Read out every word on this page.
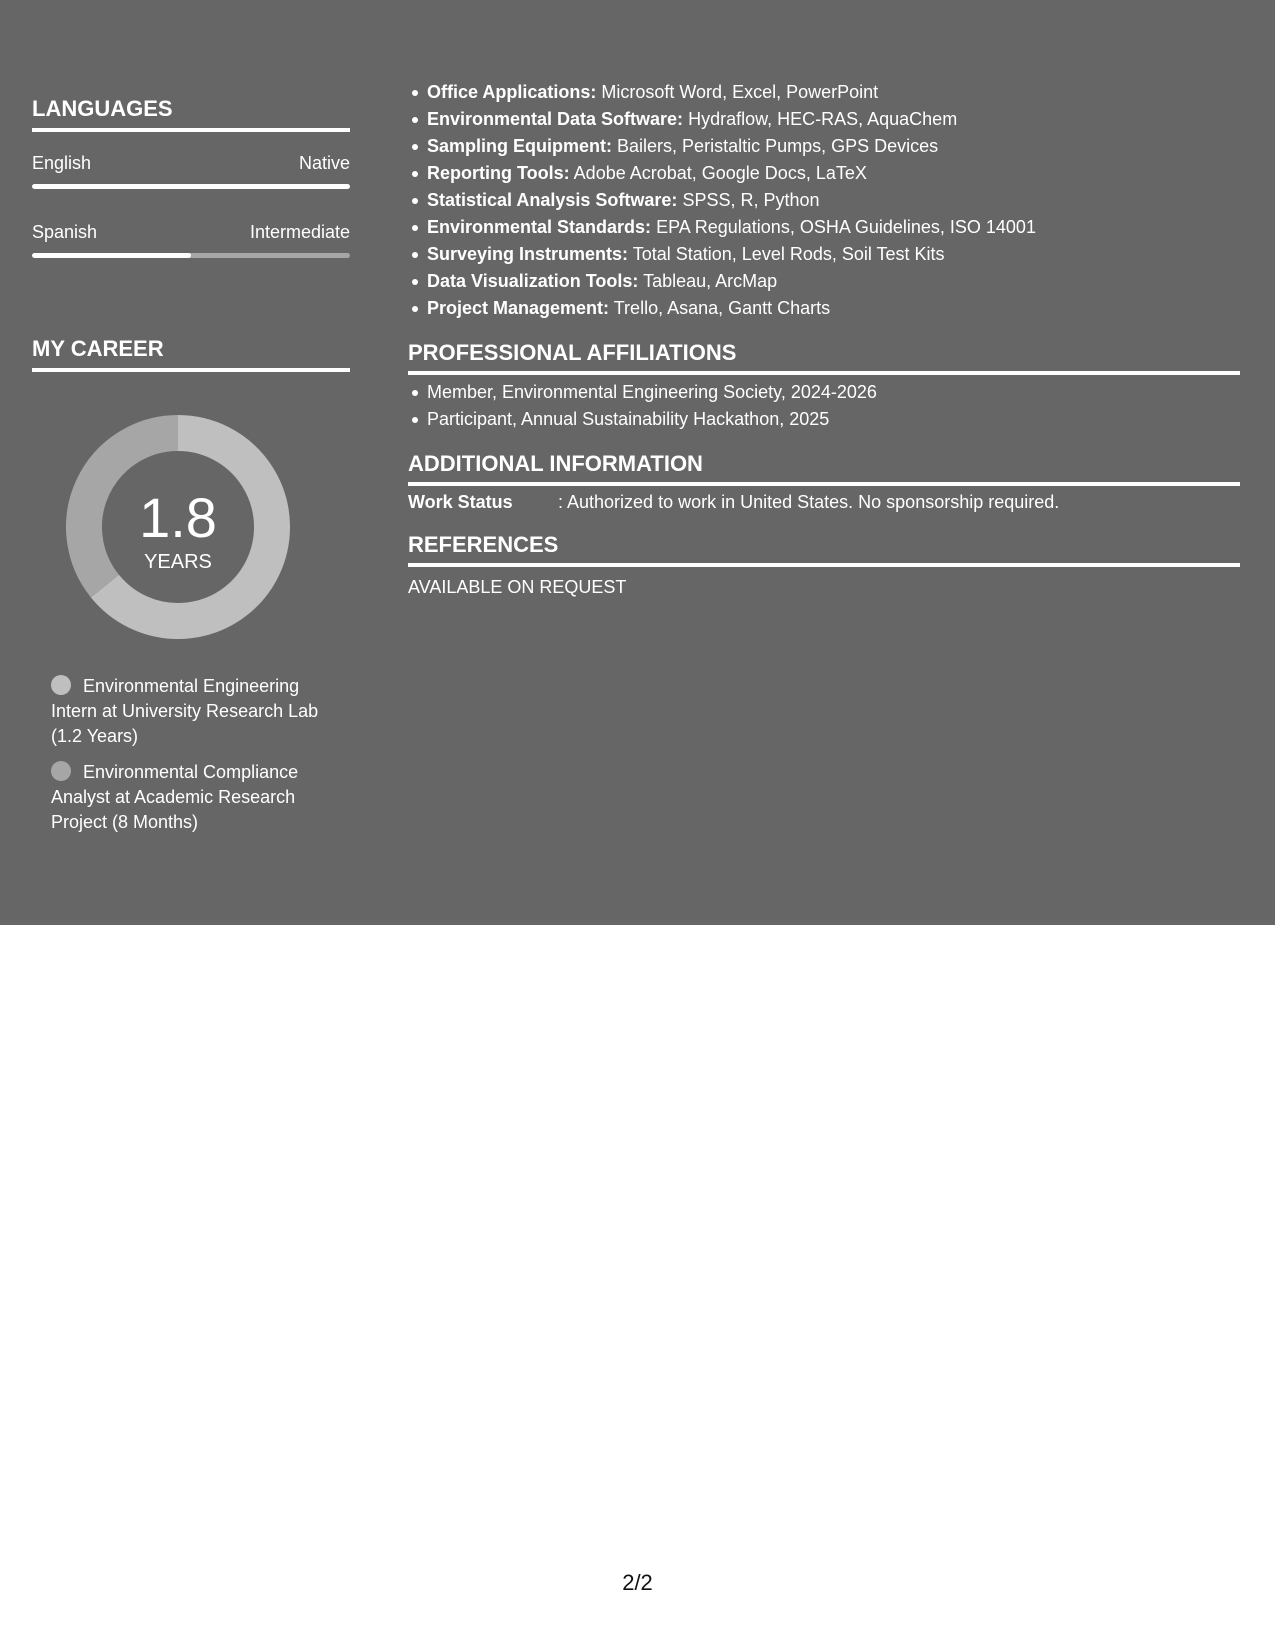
LANGUAGES
English	Native
Spanish	Intermediate
MY CAREER
1.8
YEARS
Environmental Engineering Intern at University Research Lab (1.2 Years)
Environmental Compliance Analyst at Academic Research Project (8 Months)
Office Applications: Microsoft Word, Excel, PowerPoint
Environmental Data Software: Hydraflow, HEC-RAS, AquaChem
Sampling Equipment: Bailers, Peristaltic Pumps, GPS Devices
Reporting Tools: Adobe Acrobat, Google Docs, LaTeX
Statistical Analysis Software: SPSS, R, Python
Environmental Standards: EPA Regulations, OSHA Guidelines, ISO 14001
Surveying Instruments: Total Station, Level Rods, Soil Test Kits
Data Visualization Tools: Tableau, ArcMap
Project Management: Trello, Asana, Gantt Charts
PROFESSIONAL AFFILIATIONS
Member, Environmental Engineering Society, 2024-2026
Participant, Annual Sustainability Hackathon, 2025
ADDITIONAL INFORMATION
Work Status	: Authorized to work in United States. No sponsorship required.
REFERENCES
AVAILABLE ON REQUEST
2/2
